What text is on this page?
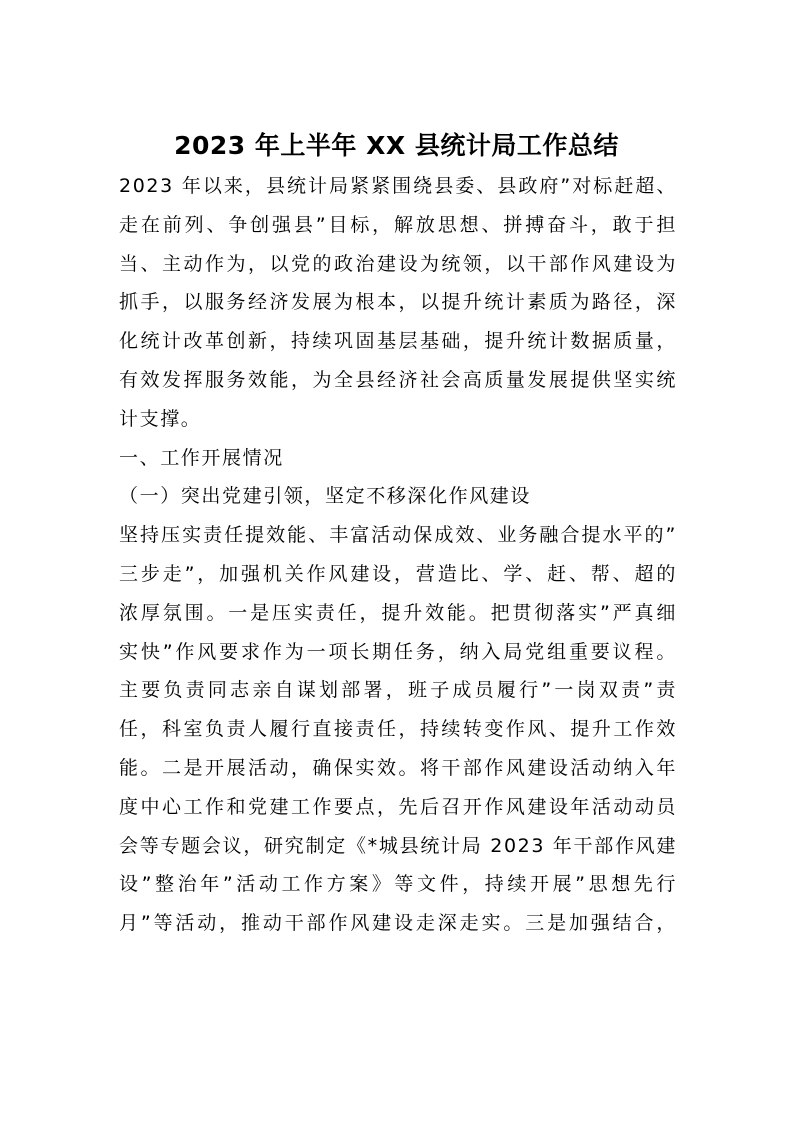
2023 年上半年 XX 县统计局工作总结

2023 年以来，县统计局紧紧围绕县委、县政府”对标赶超、
走在前列、争创强县”目标，解放思想、拼搏奋斗，敢于担
当、主动作为，以党的政治建设为统领，以干部作风建设为
抓手，以服务经济发展为根本，以提升统计素质为路径，深
化统计改革创新，持续巩固基层基础，提升统计数据质量，
有效发挥服务效能，为全县经济社会高质量发展提供坚实统
计支撑。

一、工作开展情况

（一）突出党建引领，坚定不移深化作风建设

坚持压实责任提效能、丰富活动保成效、业务融合提水平的”
三步走”，加强机关作风建设，营造比、学、赶、帮、超的
浓厚氛围。一是压实责任，提升效能。把贯彻落实”严真细
实快”作风要求作为一项长期任务，纳入局党组重要议程。
主要负责同志亲自谋划部署，班子成员履行”一岗双责”责
任，科室负责人履行直接责任，持续转变作风、提升工作效
能。二是开展活动，确保实效。将干部作风建设活动纳入年
度中心工作和党建工作要点，先后召开作风建设年活动动员
会等专题会议，研究制定《*城县统计局 2023 年干部作风建
设”整治年”活动工作方案》等文件，持续开展”思想先行
月”等活动，推动干部作风建设走深走实。三是加强结合，
